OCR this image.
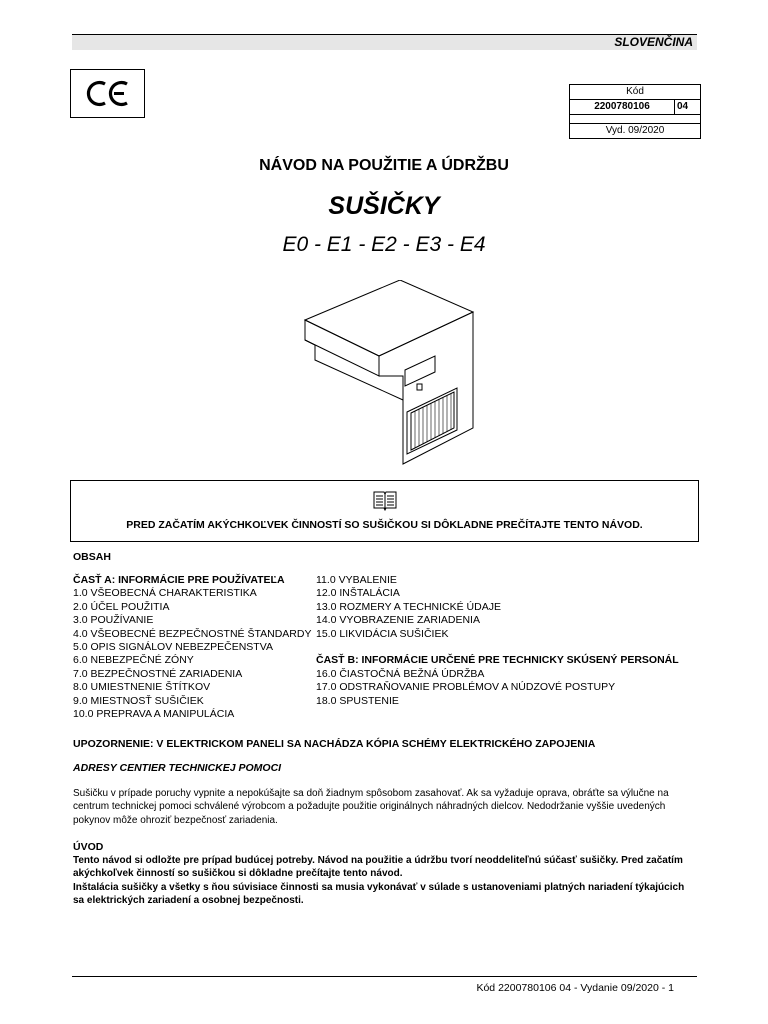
SLOVENČINA
Kód
2200780106	04
Vyd. 09/2020
NÁVOD NA POUŽITIE A ÚDRŽBU
SUŠIČKY
E0 - E1 - E2 - E3 - E4
PRED ZAČATÍM AKÝCHKOĽVEK ČINNOSTÍ SO SUŠIČKOU SI DÔKLADNE PREČÍTAJTE TENTO NÁVOD.
OBSAH
ČASŤ A: INFORMÁCIE PRE POUŽÍVATEĽA
1.0 VŠEOBECNÁ CHARAKTERISTIKA
2.0 ÚČEL POUŽITIA
3.0 POUŽÍVANIE
4.0 VŠEOBECNÉ BEZPEČNOSTNÉ ŠTANDARDY
5.0 OPIS SIGNÁLOV NEBEZPEČENSTVA
6.0 NEBEZPEČNÉ ZÓNY
7.0 BEZPEČNOSTNÉ ZARIADENIA
8.0 UMIESTNENIE ŠTÍTKOV
9.0 MIESTNOSŤ SUŠIČIEK
10.0 PREPRAVA A MANIPULÁCIA
11.0 VYBALENIE
12.0 INŠTALÁCIA
13.0 ROZMERY A TECHNICKÉ ÚDAJE
14.0 VYOBRAZENIE ZARIADENIA
15.0 LIKVIDÁCIA SUŠIČIEK

ČASŤ B: INFORMÁCIE URČENÉ PRE TECHNICKY SKÚSENÝ PERSONÁL
16.0 ČIASTOČNÁ BEŽNÁ ÚDRŽBA
17.0 ODSTRAŇOVANIE PROBLÉMOV A NÚDZOVÉ POSTUPY
18.0 SPUSTENIE
UPOZORNENIE: V ELEKTRICKOM PANELI SA NACHÁDZA KÓPIA SCHÉMY ELEKTRICKÉHO ZAPOJENIA
ADRESY CENTIER TECHNICKEJ POMOCI
Sušičku v prípade poruchy vypnite a nepokúšajte sa doň žiadnym spôsobom zasahovať. Ak sa vyžaduje oprava, obráťte sa výlučne na
centrum technickej pomoci schválené výrobcom a požadujte použitie originálnych náhradných dielcov. Nedodržanie vyššie uvedených
pokynov môže ohroziť bezpečnosť zariadenia.
ÚVOD
Tento návod si odložte pre prípad budúcej potreby. Návod na použitie a údržbu tvorí neoddeliteľnú súčasť sušičky. Pred začatím
akýchkoľvek činností so sušičkou si dôkladne prečítajte tento návod.
Inštalácia sušičky a všetky s ňou súvisiace činnosti sa musia vykonávať v súlade s ustanoveniami platných nariadení týkajúcich
sa elektrických zariadení a osobnej bezpečnosti.
Kód 2200780106 04 - Vydanie 09/2020 - 1
